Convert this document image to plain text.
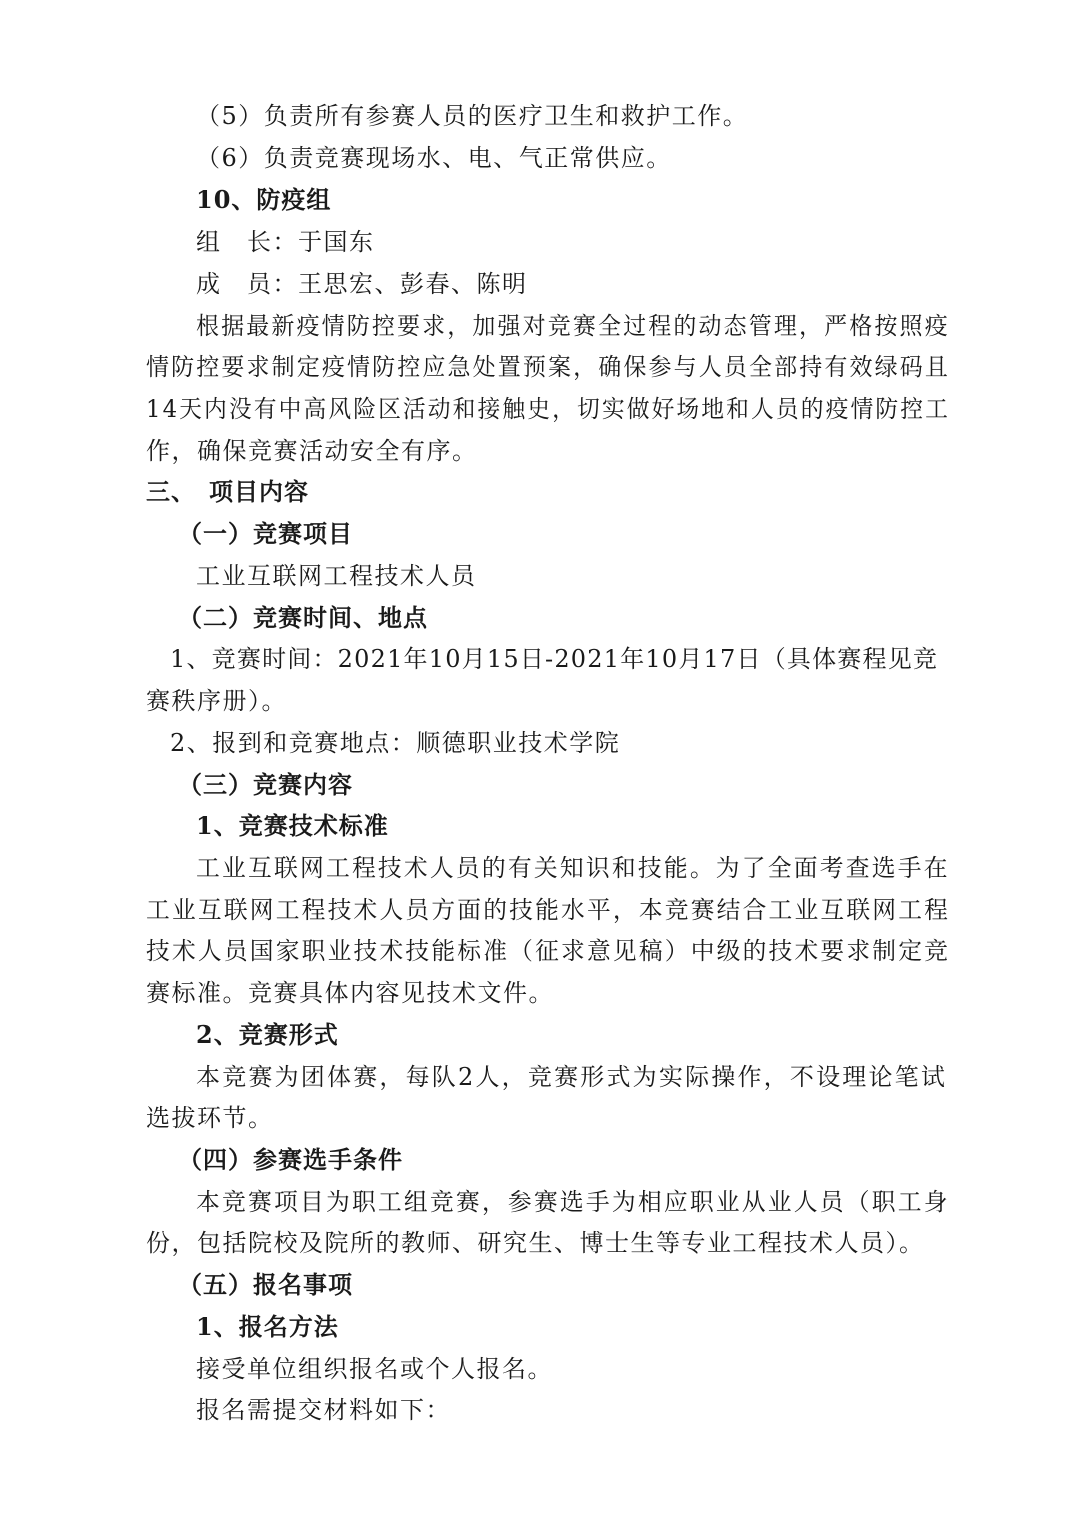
（5）负责所有参赛人员的医疗卫生和救护工作。
（6）负责竞赛现场水、电、气正常供应。
10、防疫组
组　长：于国东
成　员：王思宏、彭春、陈明
根据最新疫情防控要求，加强对竞赛全过程的动态管理，严格按照疫
情防控要求制定疫情防控应急处置预案，确保参与人员全部持有效绿码且
14天内没有中高风险区活动和接触史，切实做好场地和人员的疫情防控工
作，确保竞赛活动安全有序。
三、　项目内容
（一）竞赛项目
工业互联网工程技术人员
（二）竞赛时间、地点
1、竞赛时间：2021年10月15日-2021年10月17日（具体赛程见竞
赛秩序册）。
2、报到和竞赛地点：顺德职业技术学院
（三）竞赛内容
1、竞赛技术标准
工业互联网工程技术人员的有关知识和技能。为了全面考查选手在
工业互联网工程技术人员方面的技能水平，本竞赛结合工业互联网工程
技术人员国家职业技术技能标准（征求意见稿）中级的技术要求制定竞
赛标准。竞赛具体内容见技术文件。
2、竞赛形式
本竞赛为团体赛，每队2人，竞赛形式为实际操作，不设理论笔试
选拔环节。
（四）参赛选手条件
本竞赛项目为职工组竞赛，参赛选手为相应职业从业人员（职工身
份，包括院校及院所的教师、研究生、博士生等专业工程技术人员）。
（五）报名事项
1、报名方法
接受单位组织报名或个人报名。
报名需提交材料如下：
